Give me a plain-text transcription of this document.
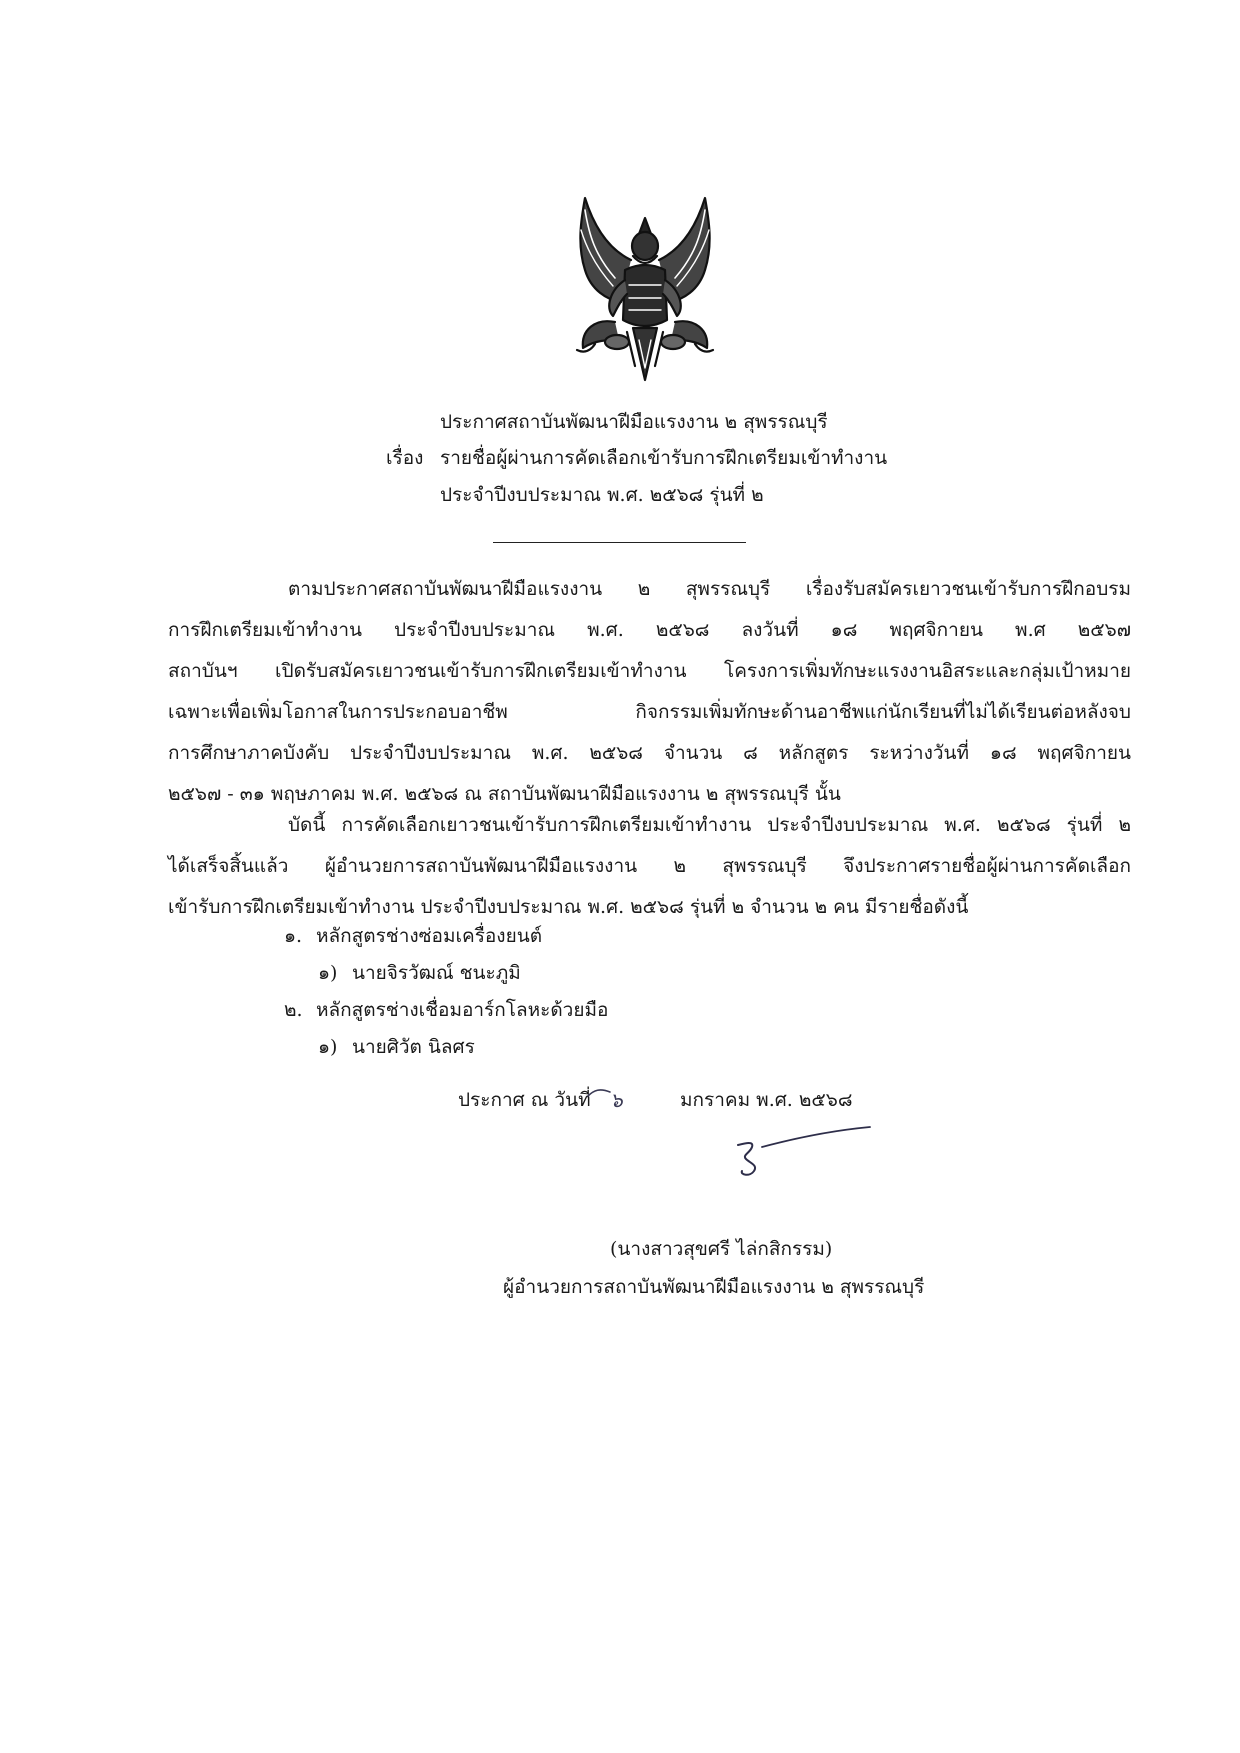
ประกาศสถาบันพัฒนาฝีมือแรงงาน ๒ สุพรรณบุรี
เรื่อง รายชื่อผู้ผ่านการคัดเลือกเข้ารับการฝึกเตรียมเข้าทำงาน
ประจำปีงบประมาณ พ.ศ. ๒๕๖๘ รุ่นที่ ๒
ตามประกาศสถาบันพัฒนาฝีมือแรงงาน ๒ สุพรรณบุรี เรื่องรับสมัครเยาวชนเข้ารับการฝึกอบรม
การฝึกเตรียมเข้าทำงาน ประจำปีงบประมาณ พ.ศ. ๒๕๖๘ ลงวันที่ ๑๘ พฤศจิกายน พ.ศ ๒๕๖๗
สถาบันฯ เปิดรับสมัครเยาวชนเข้ารับการฝึกเตรียมเข้าทำงาน โครงการเพิ่มทักษะแรงงานอิสระและกลุ่มเป้าหมาย
เฉพาะเพื่อเพิ่มโอกาสในการประกอบอาชีพ กิจกรรมเพิ่มทักษะด้านอาชีพแก่นักเรียนที่ไม่ได้เรียนต่อหลังจบ
การศึกษาภาคบังคับ ประจำปีงบประมาณ พ.ศ. ๒๕๖๘ จำนวน ๘ หลักสูตร ระหว่างวันที่ ๑๘ พฤศจิกายน
๒๕๖๗ - ๓๑ พฤษภาคม พ.ศ. ๒๕๖๘ ณ สถาบันพัฒนาฝีมือแรงงาน ๒ สุพรรณบุรี นั้น
บัดนี้ การคัดเลือกเยาวชนเข้ารับการฝึกเตรียมเข้าทำงาน ประจำปีงบประมาณ พ.ศ. ๒๕๖๘ รุ่นที่ ๒
ได้เสร็จสิ้นแล้ว ผู้อำนวยการสถาบันพัฒนาฝีมือแรงงาน ๒ สุพรรณบุรี จึงประกาศรายชื่อผู้ผ่านการคัดเลือก
เข้ารับการฝึกเตรียมเข้าทำงาน ประจำปีงบประมาณ พ.ศ. ๒๕๖๘ รุ่นที่ ๒ จำนวน ๒ คน มีรายชื่อดังนี้
๑. หลักสูตรช่างซ่อมเครื่องยนต์
๑) นายจิรวัฒณ์ ชนะภูมิ
๒. หลักสูตรช่างเชื่อมอาร์กโลหะด้วยมือ
๑) นายศิวัต นิลศร
ประกาศ ณ วันที่ ๖	มกราคม พ.ศ. ๒๕๖๘
(นางสาวสุขศรี ไล่กสิกรรม)
ผู้อำนวยการสถาบันพัฒนาฝีมือแรงงาน ๒ สุพรรณบุรี
